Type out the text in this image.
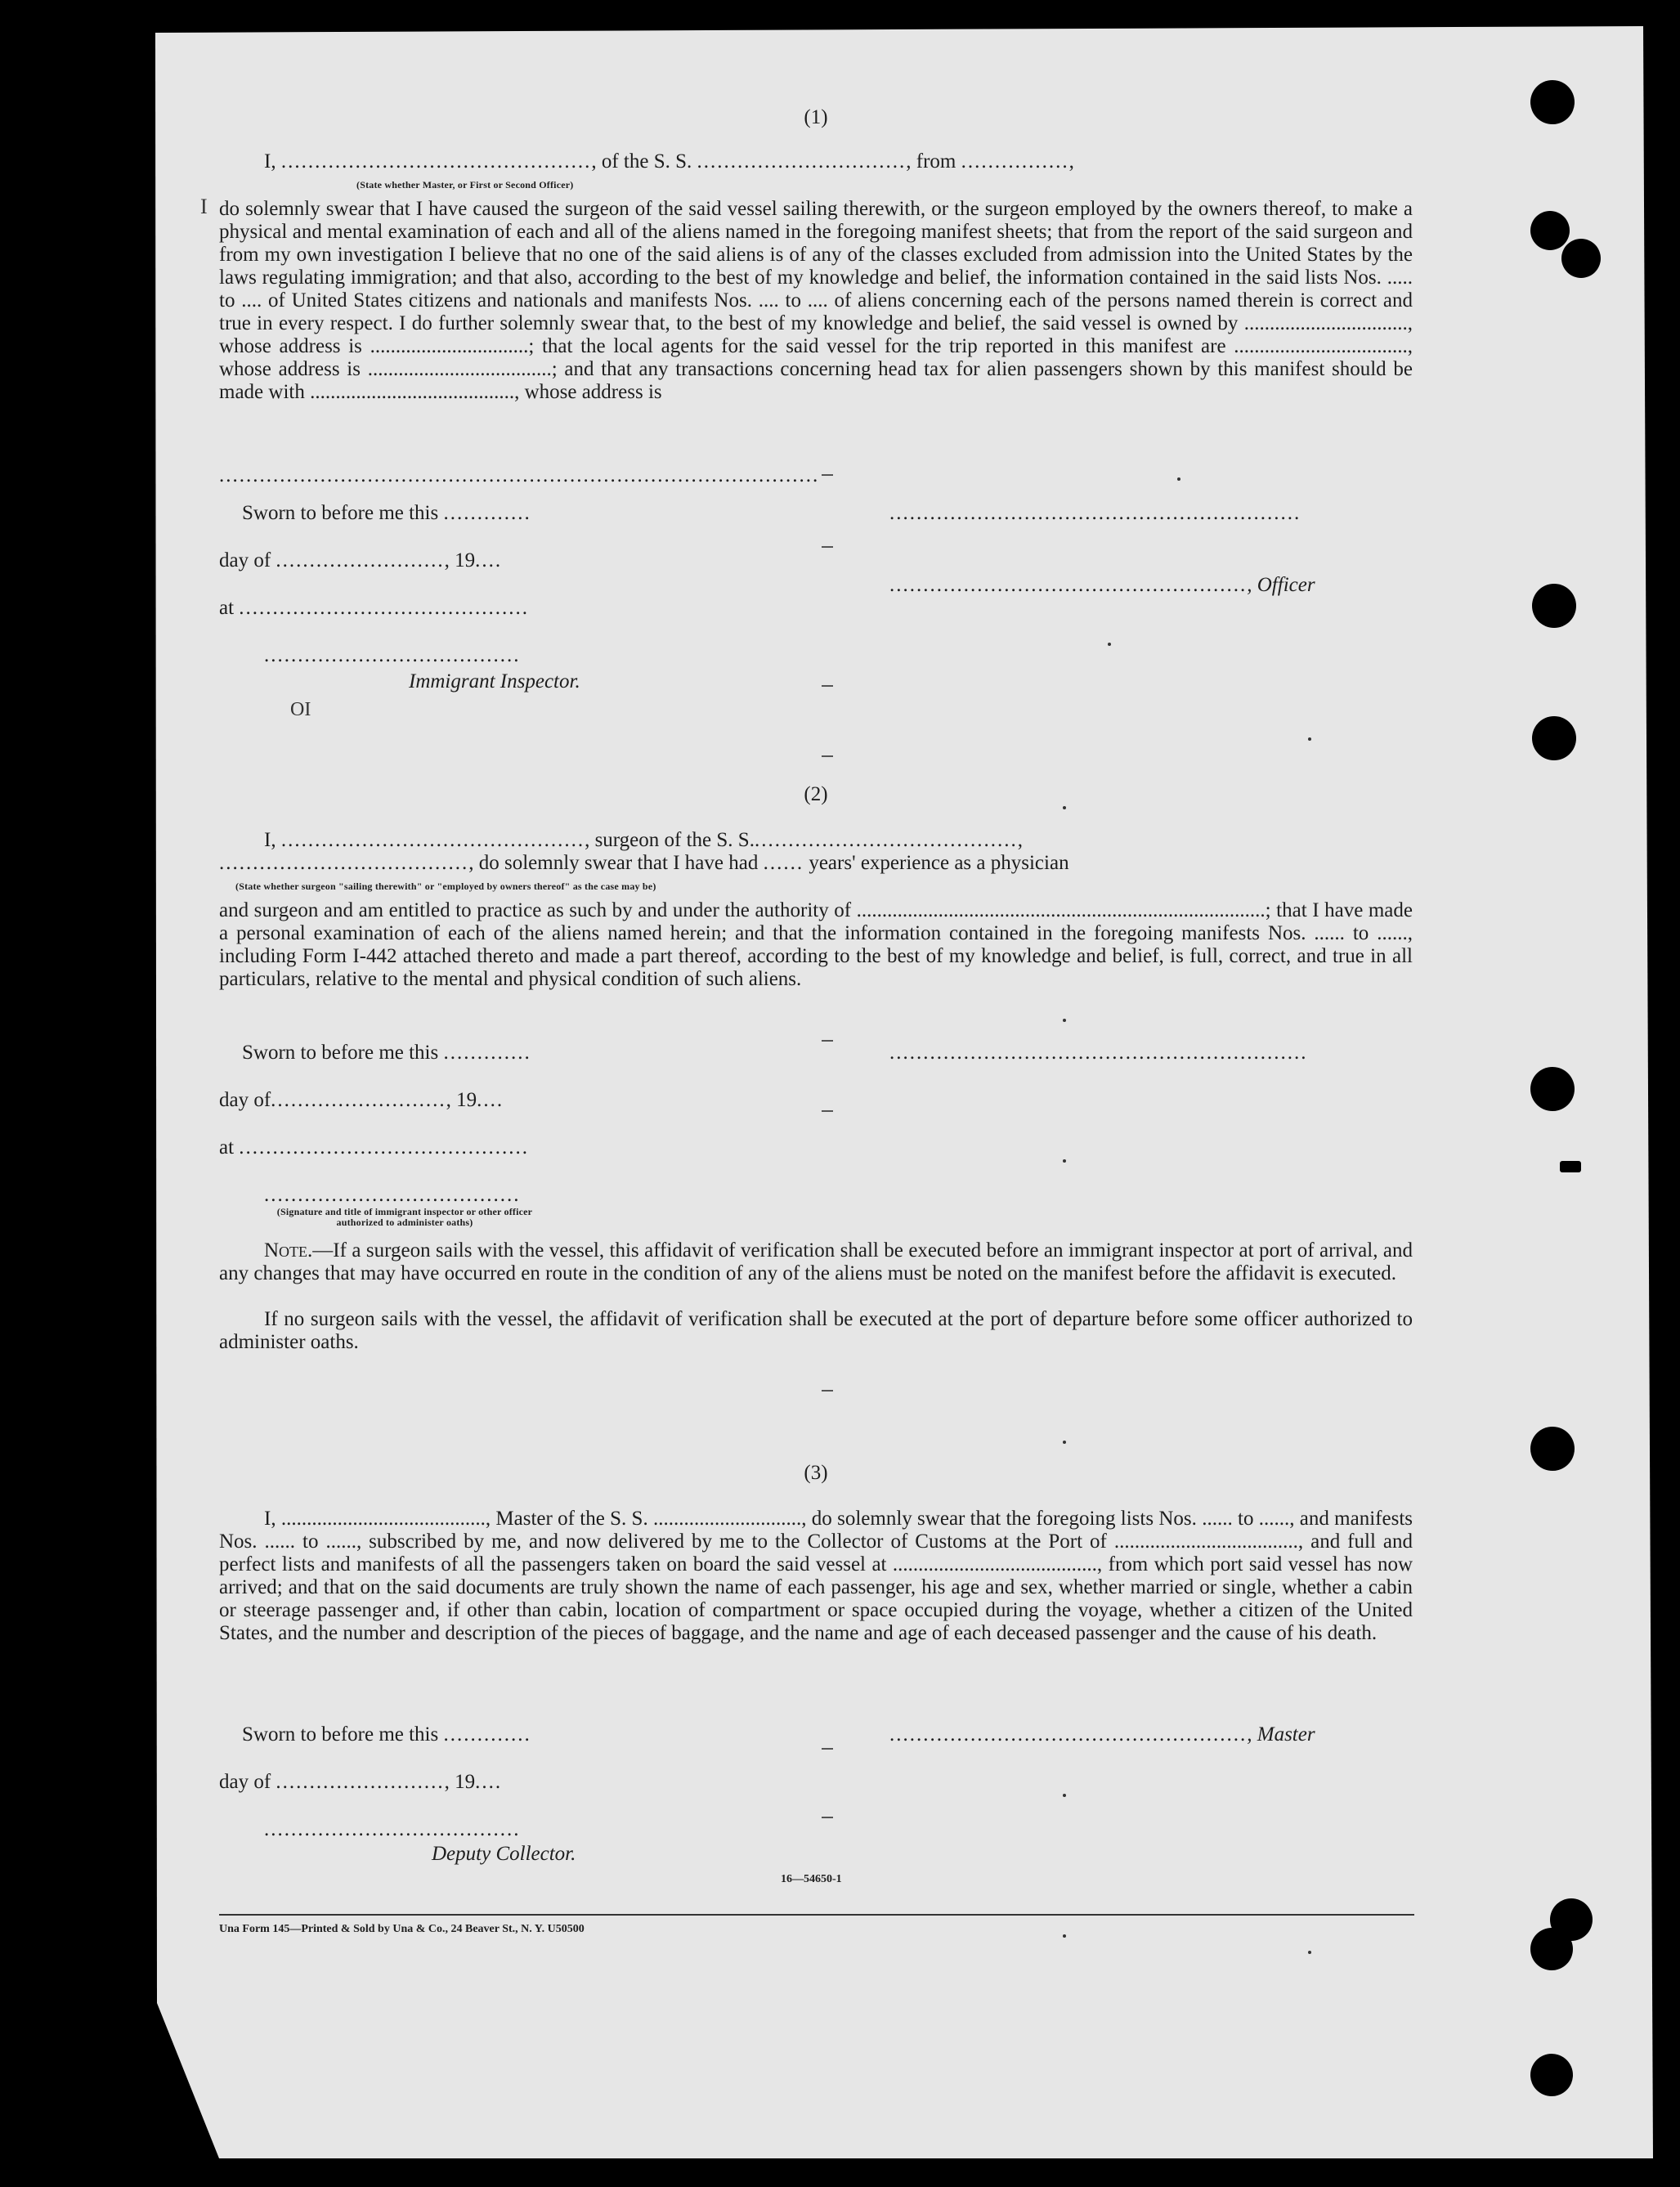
(1)
I, .............................................., of the S. S. ..............................., from ................,
(State whether Master, or First or Second Officer)

do solemnly swear that I have caused the surgeon of the said vessel sailing therewith, or the surgeon employed by the owners thereof, to make a physical and mental examination of each and all of the aliens named in the foregoing manifest sheets; that from the report of the said surgeon and from my own investigation I believe that no one of the said aliens is of any of the classes excluded from admission into the United States by the laws regulating immigration; and that also, according to the best of my knowledge and belief, the information contained in the said lists Nos. ..... to .... of United States citizens and nationals and manifests Nos. .... to .... of aliens concerning each of the persons named therein is correct and true in every respect. I do further solemnly swear that, to the best of my knowledge and belief, the said vessel is owned by ................................, whose address is ...............................; that the local agents for the said vessel for the trip reported in this manifest are .................................., whose address is ....................................; and that any transactions concerning head tax for alien passengers shown by this manifest should be made with ........................................, whose address is

.........................................................................................
Sworn to before me this .............	.............................................................
day of ........................., 19....
....................................................., Officer
at ...........................................
......................................
Immigrant Inspector.
(2)
I, ............................................., surgeon of the S. S........................................,
....................................., do solemnly swear that I have had ...... years' experience as a physician
(State whether surgeon "sailing therewith" or "employed by owners thereof" as the case may be)

and surgeon and am entitled to practice as such by and under the authority of ................................................................................; that I have made a personal examination of each of the aliens named herein; and that the information contained in the foregoing manifests Nos. ...... to ......, including Form I-442 attached thereto and made a part thereof, according to the best of my knowledge and belief, is full, correct, and true in all particulars, relative to the mental and physical condition of such aliens.

Sworn to before me this .............	..............................................................
day of.........................., 19....
at ...........................................
......................................
(Signature and title of immigrant inspector or other officer authorized to administer oaths)

Note.—If a surgeon sails with the vessel, this affidavit of verification shall be executed before an immigrant inspector at port of arrival, and any changes that may have occurred en route in the condition of any of the aliens must be noted on the manifest before the affidavit is executed.

If no surgeon sails with the vessel, the affidavit of verification shall be executed at the port of departure before some officer authorized to administer oaths.

(3)

I, ........................................, Master of the S. S. ............................., do solemnly swear that the foregoing lists Nos. ...... to ......, and manifests Nos. ...... to ......, subscribed by me, and now delivered by me to the Collector of Customs at the Port of ...................................., and full and perfect lists and manifests of all the passengers taken on board the said vessel at ........................................, from which port said vessel has now arrived; and that on the said documents are truly shown the name of each passenger, his age and sex, whether married or single, whether a cabin or steerage passenger and, if other than cabin, location of compartment or space occupied during the voyage, whether a citizen of the United States, and the number and description of the pieces of baggage, and the name and age of each deceased passenger and the cause of his death.

Sworn to before me this .............	....................................................., Master
day of ........................., 19....
......................................
Deputy Collector.
16—54650-1
Una Form 145—Printed & Sold by Una & Co., 24 Beaver St., N. Y. U50500
I
OI
